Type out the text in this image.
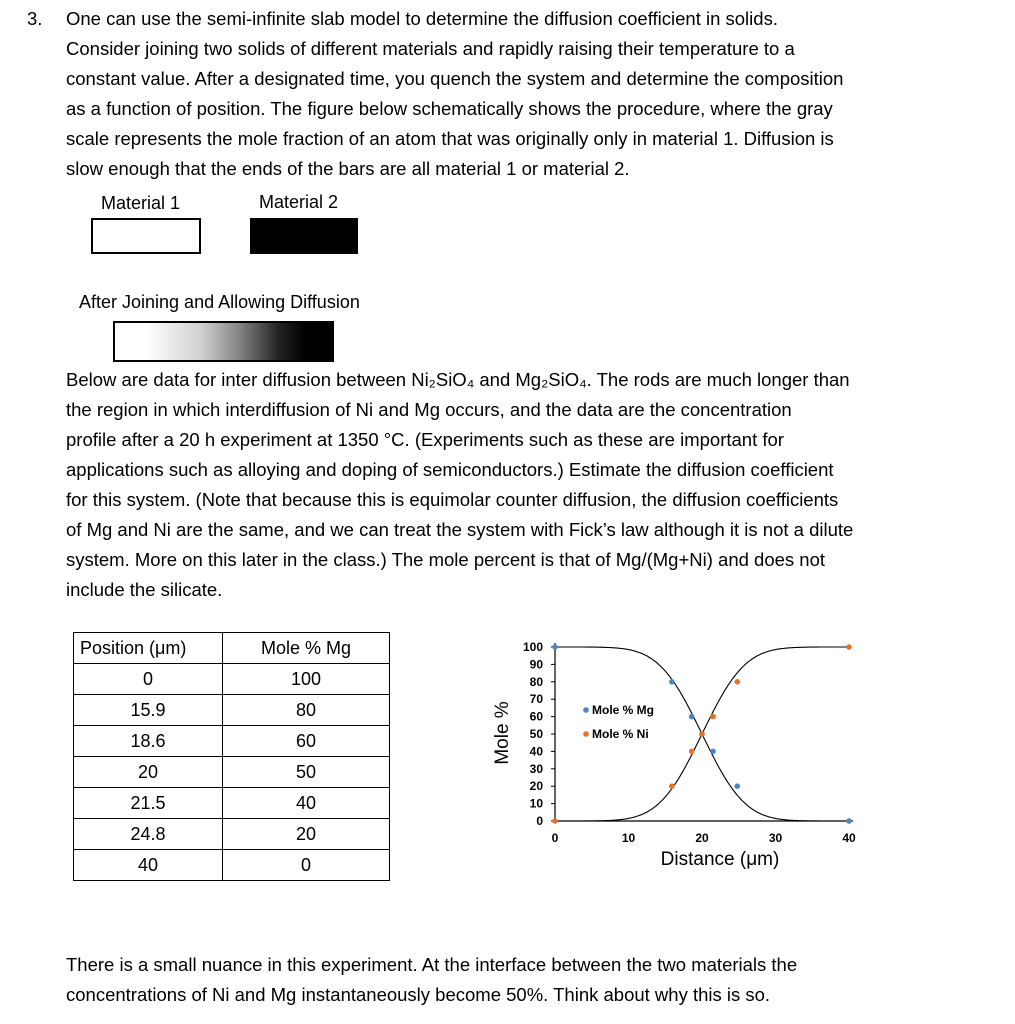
3. One can use the semi-infinite slab model to determine the diffusion coefficient in solids.
Consider joining two solids of different materials and rapidly raising their temperature to a
constant value. After a designated time, you quench the system and determine the composition
as a function of position. The figure below schematically shows the procedure, where the gray
scale represents the mole fraction of an atom that was originally only in material 1. Diffusion is
slow enough that the ends of the bars are all material 1 or material 2.
Material 1	Material 2
After Joining and Allowing Diffusion
Below are data for inter diffusion between Ni₂SiO₄ and Mg₂SiO₄. The rods are much longer than
the region in which interdiffusion of Ni and Mg occurs, and the data are the concentration
profile after a 20 h experiment at 1350 °C. (Experiments such as these are important for
applications such as alloying and doping of semiconductors.) Estimate the diffusion coefficient
for this system. (Note that because this is equimolar counter diffusion, the diffusion coefficients
of Mg and Ni are the same, and we can treat the system with Fick’s law although it is not a dilute
system. More on this later in the class.) The mole percent is that of Mg/(Mg+Ni) and does not
include the silicate.
Position (μm)	Mole % Mg
0	100
15.9	80
18.6	60
20	50
21.5	40
24.8	20
40	0
0
10
20
30
40
50
60
70
80
90
100
0	10	20	30	40
Distance (μm)
Mole %	Mole % Mg
Mole % Ni
There is a small nuance in this experiment. At the interface between the two materials the
concentrations of Ni and Mg instantaneously become 50%. Think about why this is so.
